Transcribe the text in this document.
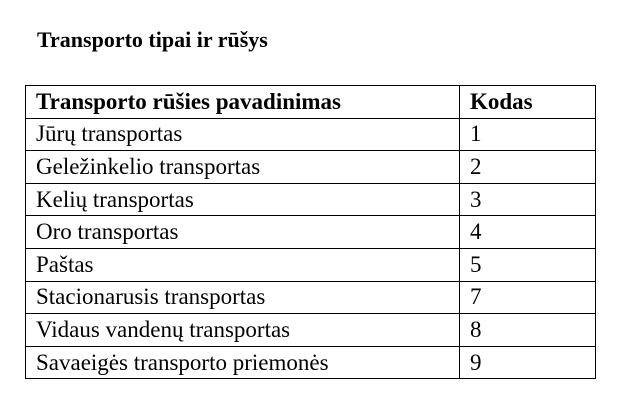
Transporto tipai ir rūšys
Transporto rūšies pavadinimas	Kodas
Jūrų transportas	1
Geležinkelio transportas	2
Kelių transportas	3
Oro transportas	4
Paštas	5
Stacionarusis transportas	7
Vidaus vandenų transportas	8
Savaeigės transporto priemonės	9
